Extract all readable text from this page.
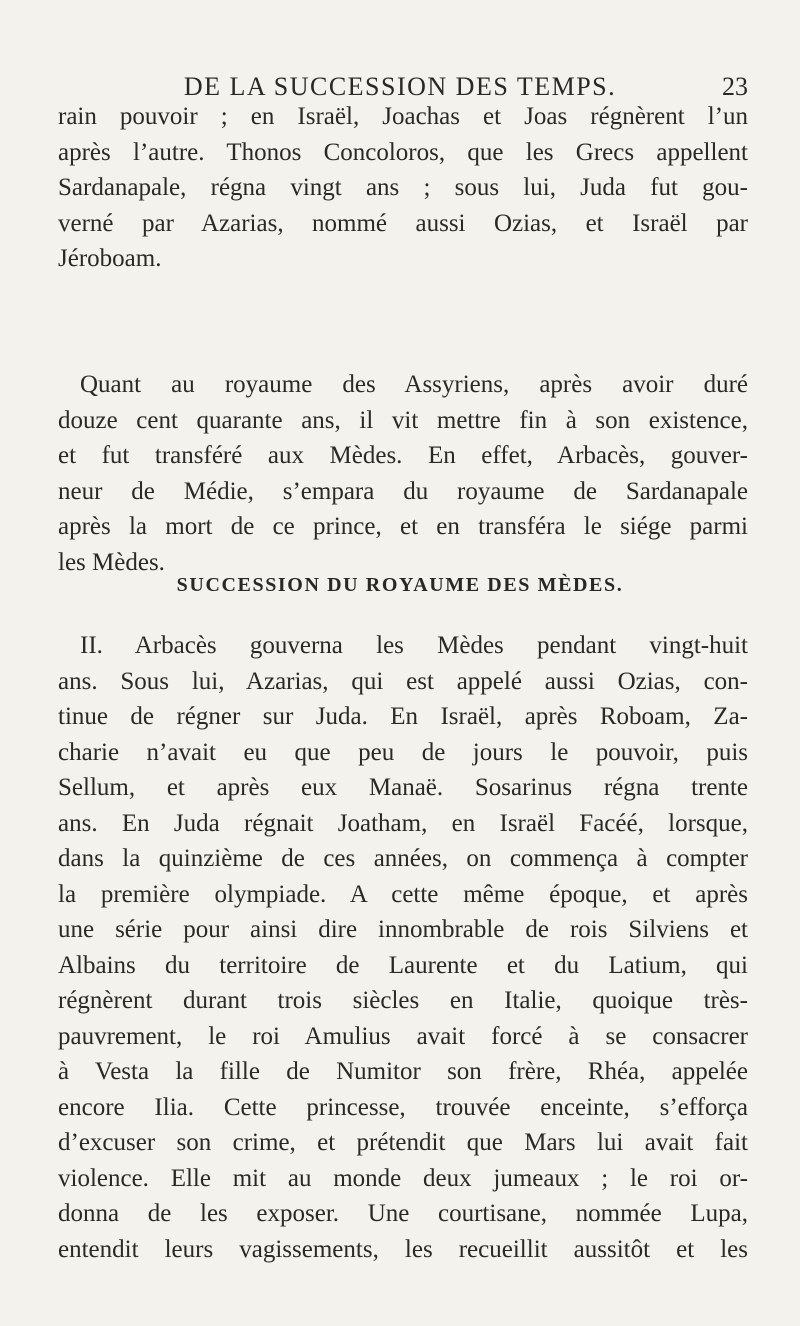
DE LA SUCCESSION DES TEMPS.	23

rain pouvoir ; en Israël, Joachas et Joas régnèrent l’un
après l’autre. Thonos Concoloros, que les Grecs appellent
Sardanapale, régna vingt ans ; sous lui, Juda fut gou-
verné par Azarias, nommé aussi Ozias, et Israël par
Jéroboam.

Quant au royaume des Assyriens, après avoir duré
douze cent quarante ans, il vit mettre fin à son existence,
et fut transféré aux Mèdes. En effet, Arbacès, gouver-
neur de Médie, s’empara du royaume de Sardanapale
après la mort de ce prince, et en transféra le siége parmi
les Mèdes.

SUCCESSION DU ROYAUME DES MÈDES.

II. Arbacès gouverna les Mèdes pendant vingt-huit
ans. Sous lui, Azarias, qui est appelé aussi Ozias, con-
tinue de régner sur Juda. En Israël, après Roboam, Za-
charie n’avait eu que peu de jours le pouvoir, puis
Sellum, et après eux Manaë. Sosarinus régna trente
ans. En Juda régnait Joatham, en Israël Facéé, lorsque,
dans la quinzième de ces années, on commença à compter
la première olympiade. A cette même époque, et après
une série pour ainsi dire innombrable de rois Silviens et
Albains du territoire de Laurente et du Latium, qui
régnèrent durant trois siècles en Italie, quoique très-
pauvrement, le roi Amulius avait forcé à se consacrer
à Vesta la fille de Numitor son frère, Rhéa, appelée
encore Ilia. Cette princesse, trouvée enceinte, s’efforça
d’excuser son crime, et prétendit que Mars lui avait fait
violence. Elle mit au monde deux jumeaux ; le roi or-
donna de les exposer. Une courtisane, nommée Lupa,
entendit leurs vagissements, les recueillit aussitôt et les
